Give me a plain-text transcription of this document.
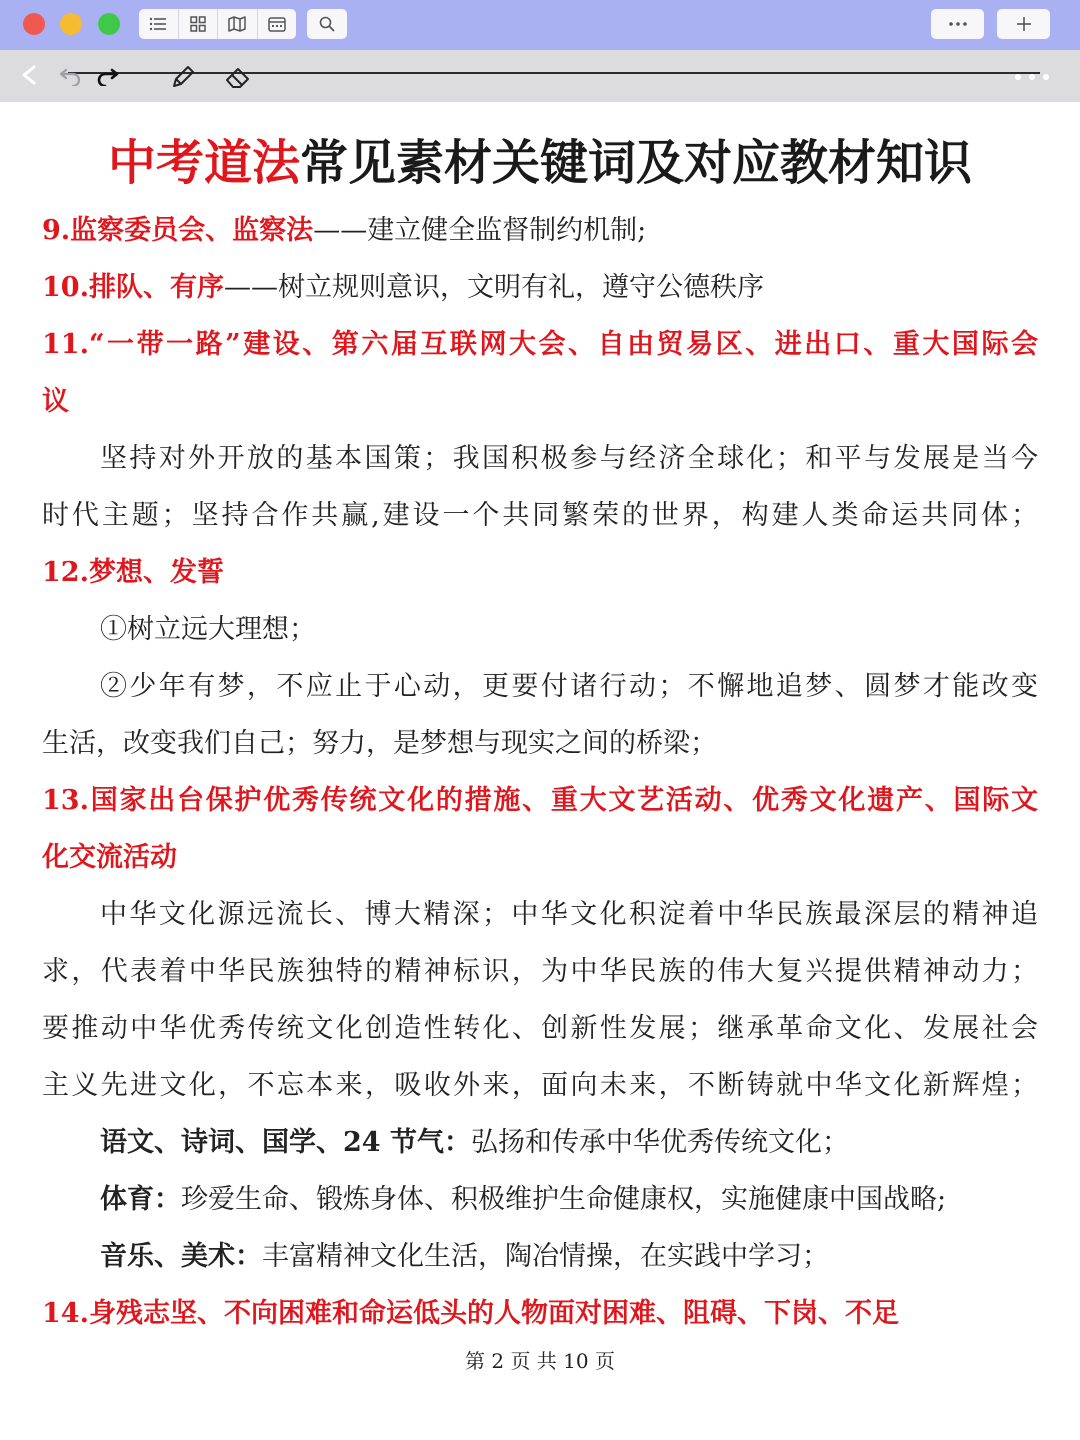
中考道法常见素材关键词及对应教材知识
9.监察委员会、监察法——建立健全监督制约机制;
10.排队、有序——树立规则意识，文明有礼，遵守公德秩序
11.“一带一路”建设、第六届互联网大会、自由贸易区、进出口、重大国际会
议
坚持对外开放的基本国策；我国积极参与经济全球化；和平与发展是当今
时代主题；坚持合作共赢,建设一个共同繁荣的世界，构建人类命运共同体；
12.梦想、发誓
①树立远大理想；
②少年有梦，不应止于心动，更要付诸行动；不懈地追梦、圆梦才能改变
生活，改变我们自己；努力，是梦想与现实之间的桥梁；
13.国家出台保护优秀传统文化的措施、重大文艺活动、优秀文化遗产、国际文
化交流活动
中华文化源远流长、博大精深；中华文化积淀着中华民族最深层的精神追
求，代表着中华民族独特的精神标识，为中华民族的伟大复兴提供精神动力；
要推动中华优秀传统文化创造性转化、创新性发展；继承革命文化、发展社会
主义先进文化，不忘本来，吸收外来，面向未来，不断铸就中华文化新辉煌；
语文、诗词、国学、24 节气：弘扬和传承中华优秀传统文化；
体育：珍爱生命、锻炼身体、积极维护生命健康权，实施健康中国战略;
音乐、美术：丰富精神文化生活，陶冶情操，在实践中学习；
14.身残志坚、不向困难和命运低头的人物面对困难、阻碍、下岗、不足
第 2 页 共 10 页
